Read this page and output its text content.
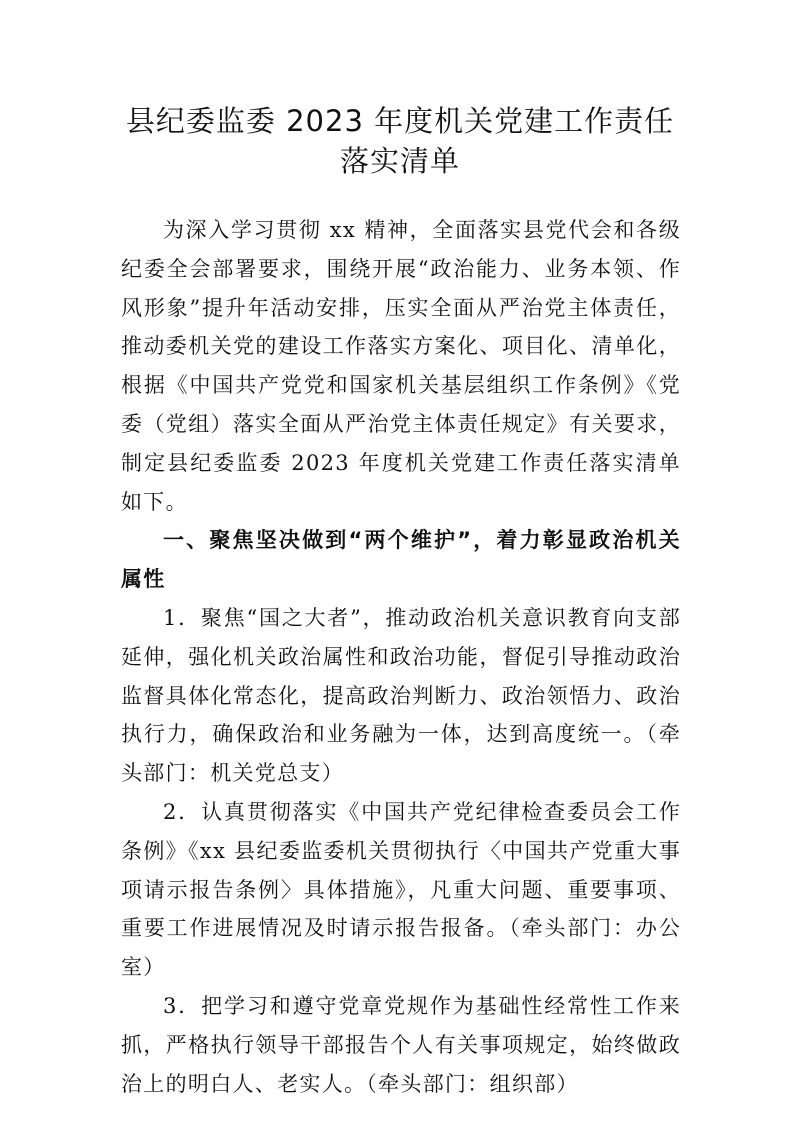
县纪委监委 2023 年度机关党建工作责任
落实清单

为深入学习贯彻 xx 精神，全面落实县党代会和各级纪委全会部署要求，围绕开展“政治能力、业务本领、作风形象”提升年活动安排，压实全面从严治党主体责任，推动委机关党的建设工作落实方案化、项目化、清单化，根据《中国共产党党和国家机关基层组织工作条例》《党委（党组）落实全面从严治党主体责任规定》有关要求，制定县纪委监委 2023 年度机关党建工作责任落实清单如下。

一、聚焦坚决做到“两个维护”，着力彰显政治机关属性

1．聚焦“国之大者”，推动政治机关意识教育向支部延伸，强化机关政治属性和政治功能，督促引导推动政治监督具体化常态化，提高政治判断力、政治领悟力、政治执行力，确保政治和业务融为一体，达到高度统一。（牵头部门：机关党总支）

2．认真贯彻落实《中国共产党纪律检查委员会工作条例》《xx 县纪委监委机关贯彻执行〈中国共产党重大事项请示报告条例〉具体措施》，凡重大问题、重要事项、重要工作进展情况及时请示报告报备。（牵头部门：办公室）

3．把学习和遵守党章党规作为基础性经常性工作来抓，严格执行领导干部报告个人有关事项规定，始终做政治上的明白人、老实人。（牵头部门：组织部）
